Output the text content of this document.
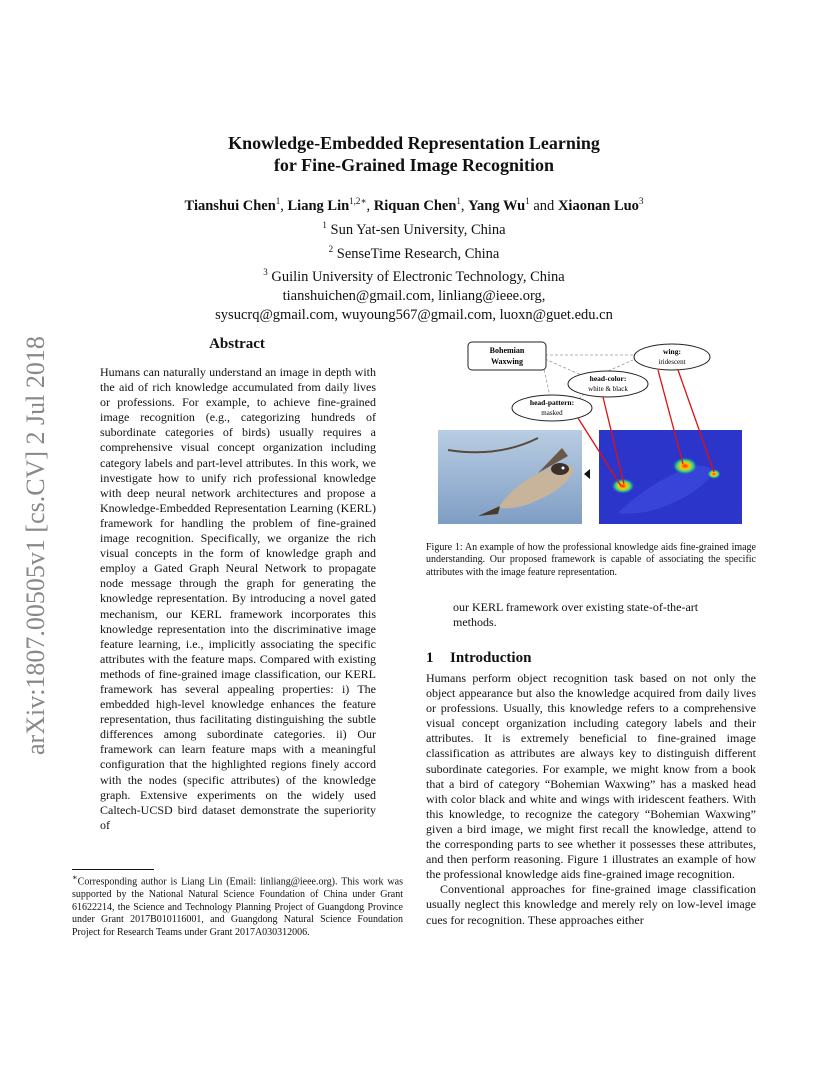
Knowledge-Embedded Representation Learning
for Fine-Grained Image Recognition
Tianshui Chen$^1$, Liang Lin$^{1,2∗}$, Riquan Chen$^1$, Yang Wu$^1$ and Xiaonan Luo$^3$
$^1$ Sun Yat-sen University, China
$^2$ SenseTime Research, China
$^3$ Guilin University of Electronic Technology, China
tianshuichen@gmail.com, linliang@ieee.org,
sysucrq@gmail.com, wuyoung567@gmail.com, luoxn@guet.edu.cn
arXiv:1807.00505v1 [cs.CV] 2 Jul 2018	Abstract
Humans can naturally understand an image in depth with the aid of rich knowledge accumulated from daily lives or professions. For example, to achieve fine-grained image recognition (e.g., categorizing hundreds of subordinate categories of birds) usually requires a comprehensive visual concept organization including category labels and part-level attributes. In this work, we investigate how to unify rich professional knowledge with deep neural network architectures and propose a Knowledge-Embedded Representation Learning (KERL) framework for handling the problem of fine-grained image recognition. Specifically, we organize the rich visual concepts in the form of knowledge graph and employ a Gated Graph Neural Network to propagate node message through the graph for generating the knowledge representation. By introducing a novel gated mechanism, our KERL framework incorporates this knowledge representation into the discriminative image feature learning, i.e., implicitly associating the specific attributes with the feature maps. Compared with existing methods of fine-grained image classification, our KERL framework has several appealing properties: i) The embedded high-level knowledge enhances the feature representation, thus facilitating distinguishing the subtle differences among subordinate categories. ii) Our framework can learn feature maps with a meaningful configuration that the highlighted regions finely accord with the nodes (specific attributes) of the knowledge graph. Extensive experiments on the widely used Caltech-UCSD bird dataset demonstrate the superiority of
∗Corresponding author is Liang Lin (Email: linliang@ieee.org). This work was supported by the National Natural Science Foundation of China under Grant 61622214, the Science and Technology Planning Project of Guangdong Province under Grant 2017B010116001, and Guangdong Natural Science Foundation Project for Research Teams under Grant 2017A030312006.
Bohemian
Waxwing
wing:
iridescent
head-color:
white & black
head-pattern:
masked
Figure 1: An example of how the professional knowledge aids fine-grained image understanding. Our proposed framework is capable of associating the specific attributes with the image feature representation.
our KERL framework over existing state-of-the-art methods.
1 Introduction

Humans perform object recognition task based on not only the object appearance but also the knowledge acquired from daily lives or professions. Usually, this knowledge refers to a comprehensive visual concept organization including category labels and their attributes. It is extremely beneficial to fine-grained image classification as attributes are always key to distinguish different subordinate categories. For example, we might know from a book that a bird of category “Bohemian Waxwing” has a masked head with color black and white and wings with iridescent feathers. With this knowledge, to recognize the category “Bohemian Waxwing” given a bird image, we might first recall the knowledge, attend to the corresponding parts to see whether it possesses these attributes, and then perform reasoning. Figure 1 illustrates an example of how the professional knowledge aids fine-grained image recognition.

Conventional approaches for fine-grained image classification usually neglect this knowledge and merely rely on low-level image cues for recognition. These approaches either
